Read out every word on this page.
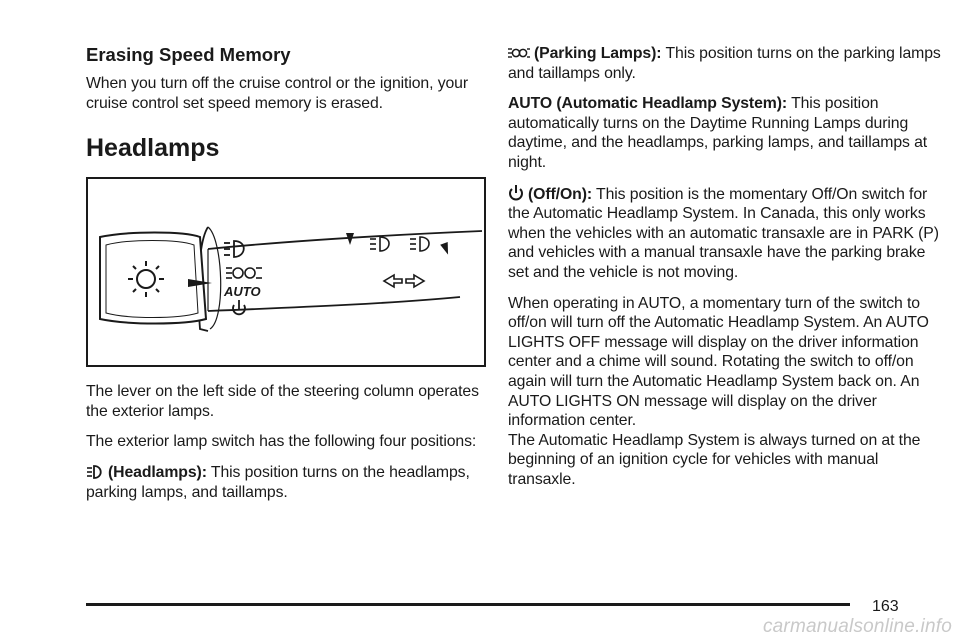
Erasing Speed Memory

When you turn off the cruise control or the ignition, your cruise control set speed memory is erased.

Headlamps
AUTO

The lever on the left side of the steering column operates the exterior lamps.

The exterior lamp switch has the following four positions:

(Headlamps): This position turns on the headlamps, parking lamps, and taillamps.

(Parking Lamps): This position turns on the parking lamps and taillamps only.

AUTO (Automatic Headlamp System): This position automatically turns on the Daytime Running Lamps during daytime, and the headlamps, parking lamps, and taillamps at night.

(Off/On): This position is the momentary Off/On switch for the Automatic Headlamp System. In Canada, this only works when the vehicles with an automatic transaxle are in PARK (P) and vehicles with a manual transaxle have the parking brake set and the vehicle is not moving.

When operating in AUTO, a momentary turn of the switch to off/on will turn off the Automatic Headlamp System. An AUTO LIGHTS OFF message will display on the driver information center and a chime will sound. Rotating the switch to off/on again will turn the Automatic Headlamp System back on. An AUTO LIGHTS ON message will display on the driver information center.

The Automatic Headlamp System is always turned on at the beginning of an ignition cycle for vehicles with manual transaxle.

163
carmanualsonline.info
